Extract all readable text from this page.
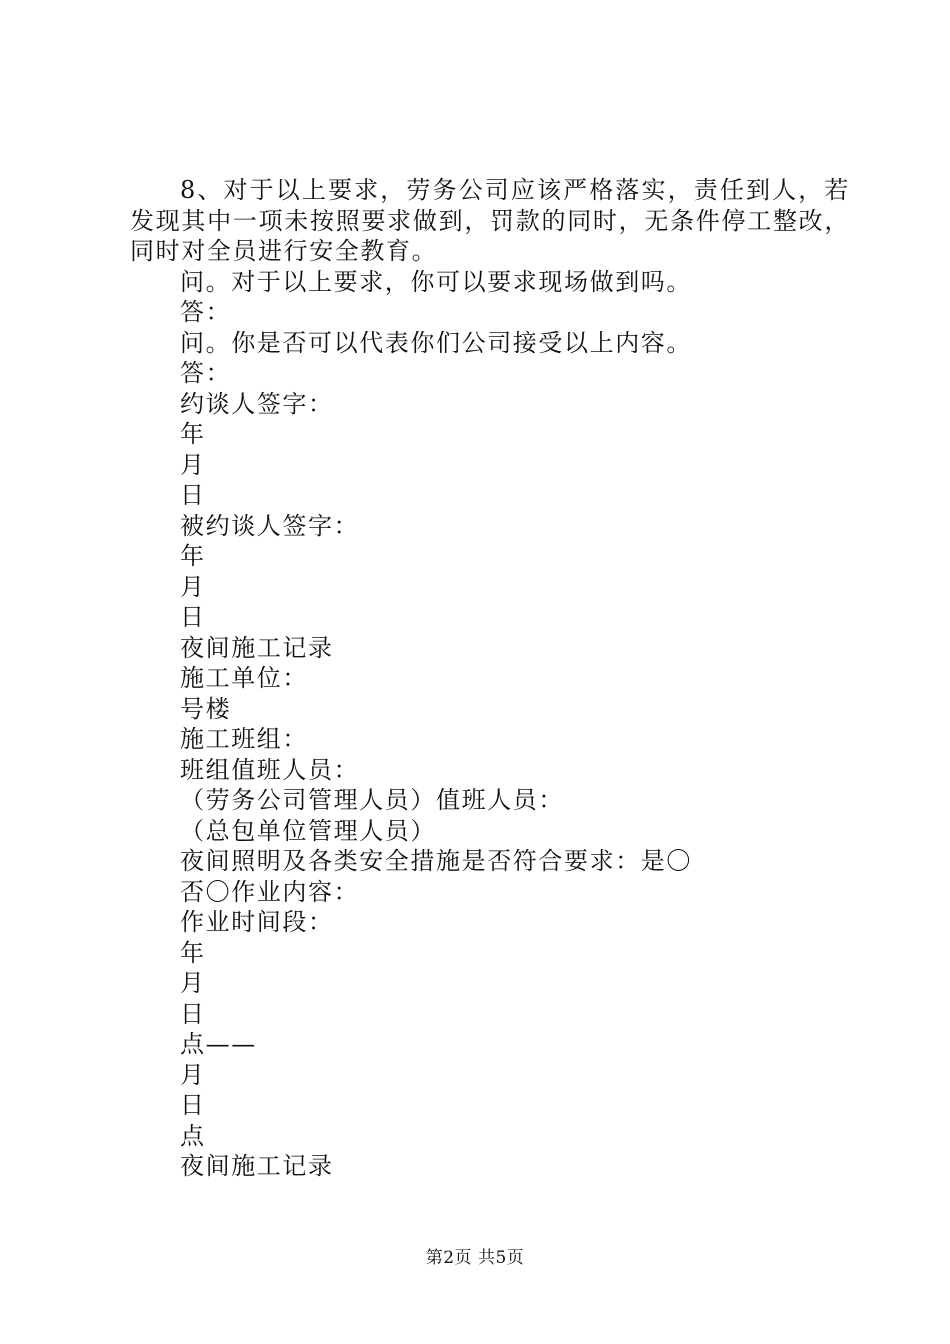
8、对于以上要求，劳务公司应该严格落实，责任到人，若发现其中一项未按照要求做到，罚款的同时，无条件停工整改，同时对全员进行安全教育。

问。对于以上要求，你可以要求现场做到吗。

答：

问。你是否可以代表你们公司接受以上内容。

答：

约谈人签字：

年

月

日

被约谈人签字：

年

月

日

夜间施工记录

施工单位：

号楼

施工班组：

班组值班人员：

（劳务公司管理人员）值班人员：

（总包单位管理人员）

夜间照明及各类安全措施是否符合要求：是〇

否〇作业内容：

作业时间段：

年

月

日

点——

月

日

点

夜间施工记录

第2页 共5页
